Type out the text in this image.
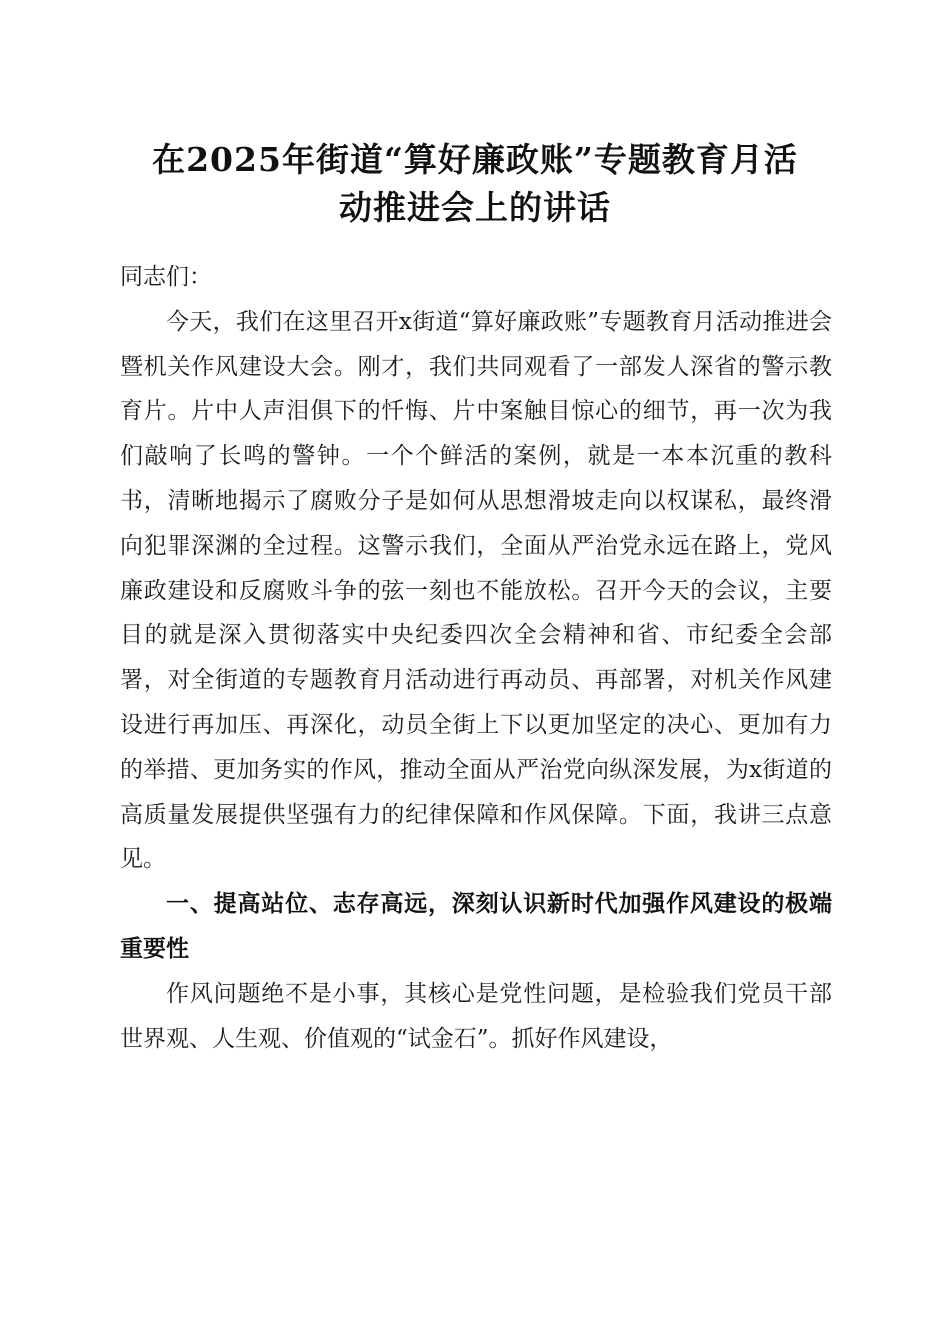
在2025年街道“算好廉政账”专题教育月活
动推进会上的讲话

同志们：

今天，我们在这里召开x街道“算好廉政账”专题教育月活动推进会暨机关作风建设大会。刚才，我们共同观看了一部发人深省的警示教育片。片中人声泪俱下的忏悔、片中案触目惊心的细节，再一次为我们敲响了长鸣的警钟。一个个鲜活的案例，就是一本本沉重的教科书，清晰地揭示了腐败分子是如何从思想滑坡走向以权谋私，最终滑向犯罪深渊的全过程。这警示我们，全面从严治党永远在路上，党风廉政建设和反腐败斗争的弦一刻也不能放松。召开今天的会议，主要目的就是深入贯彻落实中央纪委四次全会精神和省、市纪委全会部署，对全街道的专题教育月活动进行再动员、再部署，对机关作风建设进行再加压、再深化，动员全街上下以更加坚定的决心、更加有力的举措、更加务实的作风，推动全面从严治党向纵深发展，为x街道的高质量发展提供坚强有力的纪律保障和作风保障。下面，我讲三点意见。

一、提高站位、志存高远，深刻认识新时代加强作风建设的极端重要性

作风问题绝不是小事，其核心是党性问题，是检验我们党员干部世界观、人生观、价值观的“试金石”。抓好作风建设，
